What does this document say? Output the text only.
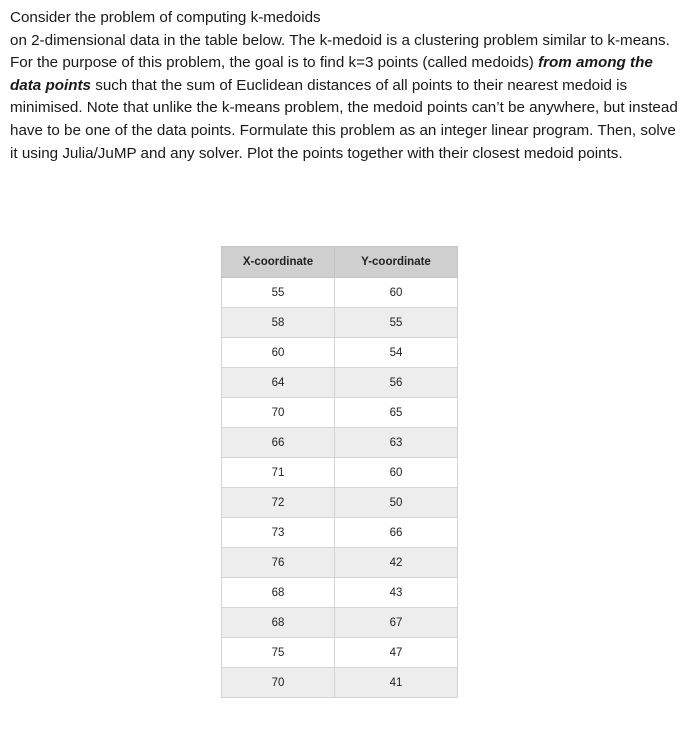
Consider the problem of computing k-medoids

on 2-dimensional data in the table below. The k-medoid is a clustering problem similar to k-means. For the purpose of this problem, the goal is to find k=3 points (called medoids) from among the data points such that the sum of Euclidean distances of all points to their nearest medoid is minimised. Note that unlike the k-means problem, the medoid points can’t be anywhere, but instead have to be one of the data points. Formulate this problem as an integer linear program. Then, solve it using Julia/JuMP and any solver. Plot the points together with their closest medoid points.

X-coordinate	Y-coordinate
55	60
58	55
60	54
64	56
70	65
66	63
71	60
72	50
73	66
76	42
68	43
68	67
75	47
70	41
